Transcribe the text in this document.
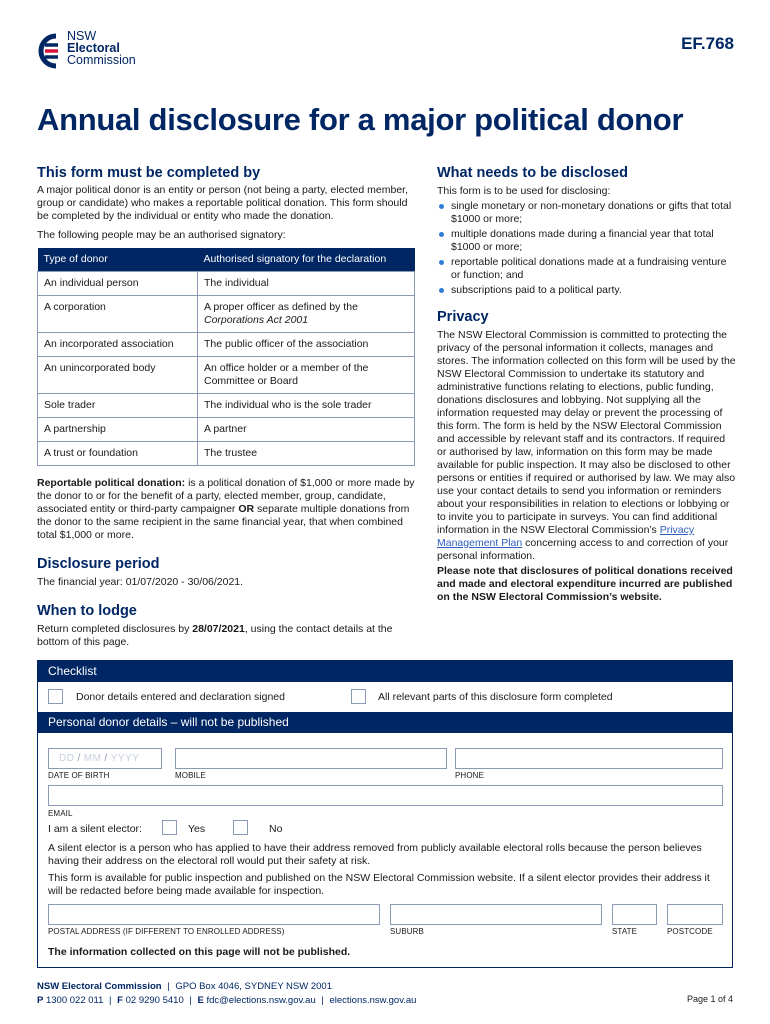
NSW
Electoral
Commission
EF.768
Annual disclosure for a major political donor
This form must be completed by

A major political donor is an entity or person (not being a party, elected member, group or candidate) who makes a reportable political donation. This form should be completed by the individual or entity who made the donation.

The following people may be an authorised signatory:

Type of donor	Authorised signatory for the declaration
An individual person	The individual
A corporation	A proper officer as defined by the
Corporations Act 2001
An incorporated association	The public officer of the association
An unincorporated body	An office holder or a member of the Committee or Board
Sole trader	The individual who is the sole trader
A partnership	A partner
A trust or foundation	The trustee

Reportable political donation: is a political donation of $1,000 or more made by the donor to or for the benefit of a party, elected member, group, candidate, associated entity or third-party campaigner OR separate multiple donations from the donor to the same recipient in the same financial year, that when combined total $1,000 or more.

Disclosure period

The financial year: 01/07/2020 - 30/06/2021.

When to lodge

Return completed disclosures by 28/07/2021, using the contact details at the bottom of this page.

What needs to be disclosed

This form is to be used for disclosing:

single monetary or non-monetary donations or gifts that total $1000 or more;
multiple donations made during a financial year that total $1000 or more;
reportable political donations made at a fundraising venture or function; and
subscriptions paid to a political party.
Privacy

The NSW Electoral Commission is committed to protecting the privacy of the personal information it collects, manages and stores. The information collected on this form will be used by the NSW Electoral Commission to undertake its statutory and administrative functions relating to elections, public funding, donations disclosures and lobbying. Not supplying all the information requested may delay or prevent the processing of this form. The form is held by the NSW Electoral Commission and accessible by relevant staff and its contractors. If required or authorised by law, information on this form may be made available for public inspection. It may also be disclosed to other persons or entities if required or authorised by law. We may also use your contact details to send you information or reminders about your responsibilities in relation to elections or lobbying or to invite you to participate in surveys. You can find additional information in the NSW Electoral Commission’s Privacy Management Plan concerning access to and correction of your personal information.

Please note that disclosures of political donations received and made and electoral expenditure incurred are published on the NSW Electoral Commission’s website.

Checklist
Donor details entered and declaration signed	All relevant parts of this disclosure form completed
Personal donor details – will not be published
DD / MM / YYYY
DATE OF BIRTH	MOBILE	PHONE
EMAIL
I am a silent elector:	Yes	No

A silent elector is a person who has applied to have their address removed from publicly available electoral rolls because the person believes having their address on the electoral roll would put their safety at risk.

This form is available for public inspection and published on the NSW Electoral Commission website. If a silent elector provides their address it will be redacted before being made available for inspection.

POSTAL ADDRESS (IF DIFFERENT TO ENROLLED ADDRESS)	SUBURB	STATE	POSTCODE
The information collected on this page will not be published.
NSW Electoral Commission | GPO Box 4046, SYDNEY NSW 2001
P 1300 022 011 | F 02 9290 5410 | E fdc@elections.nsw.gov.au | elections.nsw.gov.au	Page 1 of 4
